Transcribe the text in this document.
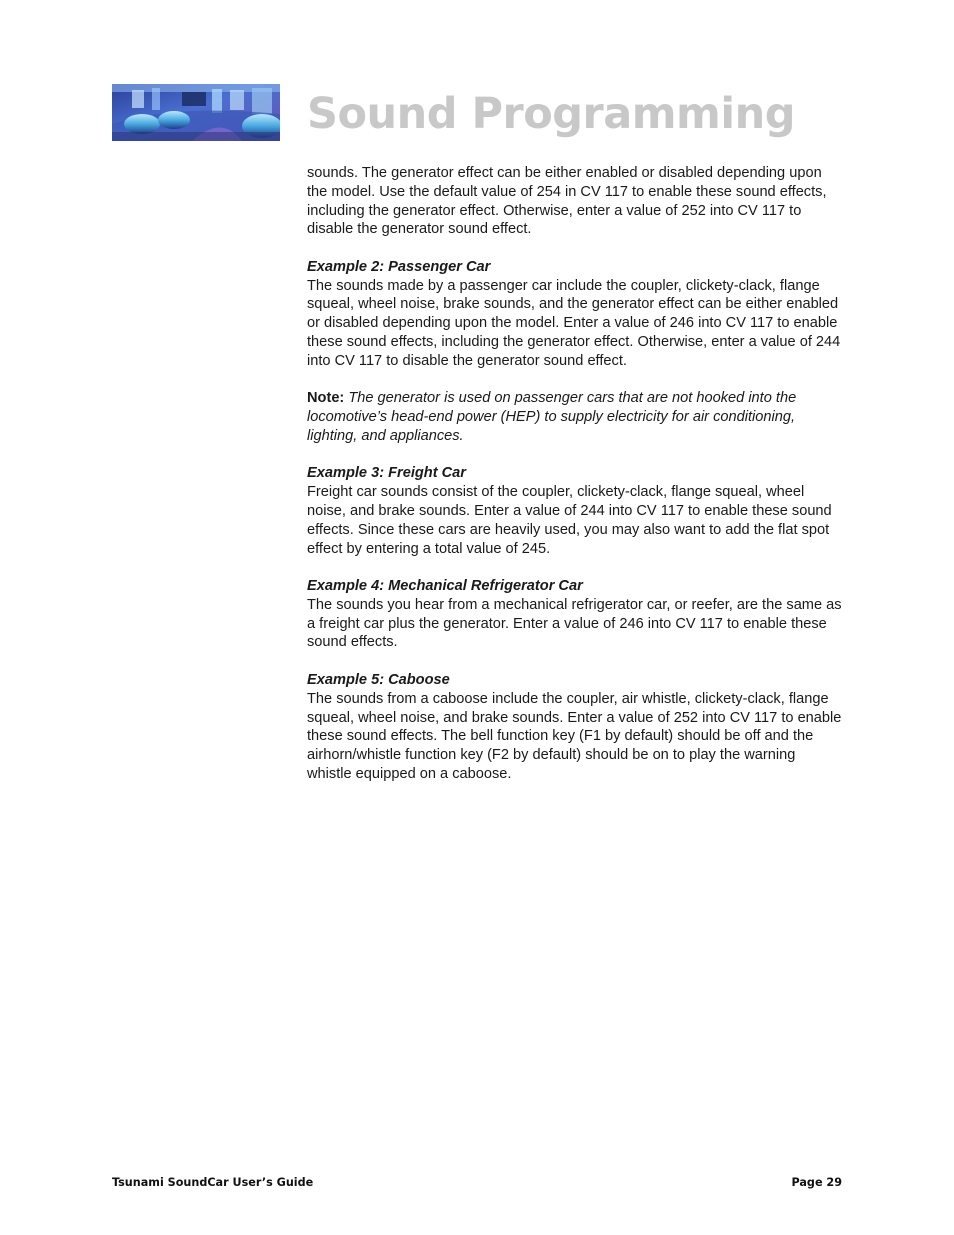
Sound Programming

sounds. The generator effect can be either enabled or disabled depending upon the model. Use the default value of 254 in CV 117 to enable these sound effects, including the generator effect. Otherwise, enter a value of 252 into CV 117 to disable the generator sound effect.

Example 2: Passenger Car
The sounds made by a passenger car include the coupler, clickety-clack, flange squeal, wheel noise, brake sounds, and the generator effect can be either enabled or disabled depending upon the model. Enter a value of 246 into CV 117 to enable these sound effects, including the generator effect. Otherwise, enter a value of 244 into CV 117 to disable the generator sound effect.

Note: The generator is used on passenger cars that are not hooked into the locomotive’s head-end power (HEP) to supply electricity for air conditioning, lighting, and appliances.

Example 3: Freight Car
Freight car sounds consist of the coupler, clickety-clack, flange squeal, wheel noise, and brake sounds. Enter a value of 244 into CV 117 to enable these sound effects. Since these cars are heavily used, you may also want to add the flat spot effect by entering a total value of 245.

Example 4: Mechanical Refrigerator Car
The sounds you hear from a mechanical refrigerator car, or reefer, are the same as a freight car plus the generator. Enter a value of 246 into CV 117 to enable these sound effects.

Example 5: Caboose
The sounds from a caboose include the coupler, air whistle, clickety-clack, flange squeal, wheel noise, and brake sounds. Enter a value of 252 into CV 117 to enable these sound effects. The bell function key (F1 by default) should be off and the airhorn/whistle function key (F2 by default) should be on to play the warning whistle equipped on a caboose.

Tsunami SoundCar User’s Guide	Page 29
